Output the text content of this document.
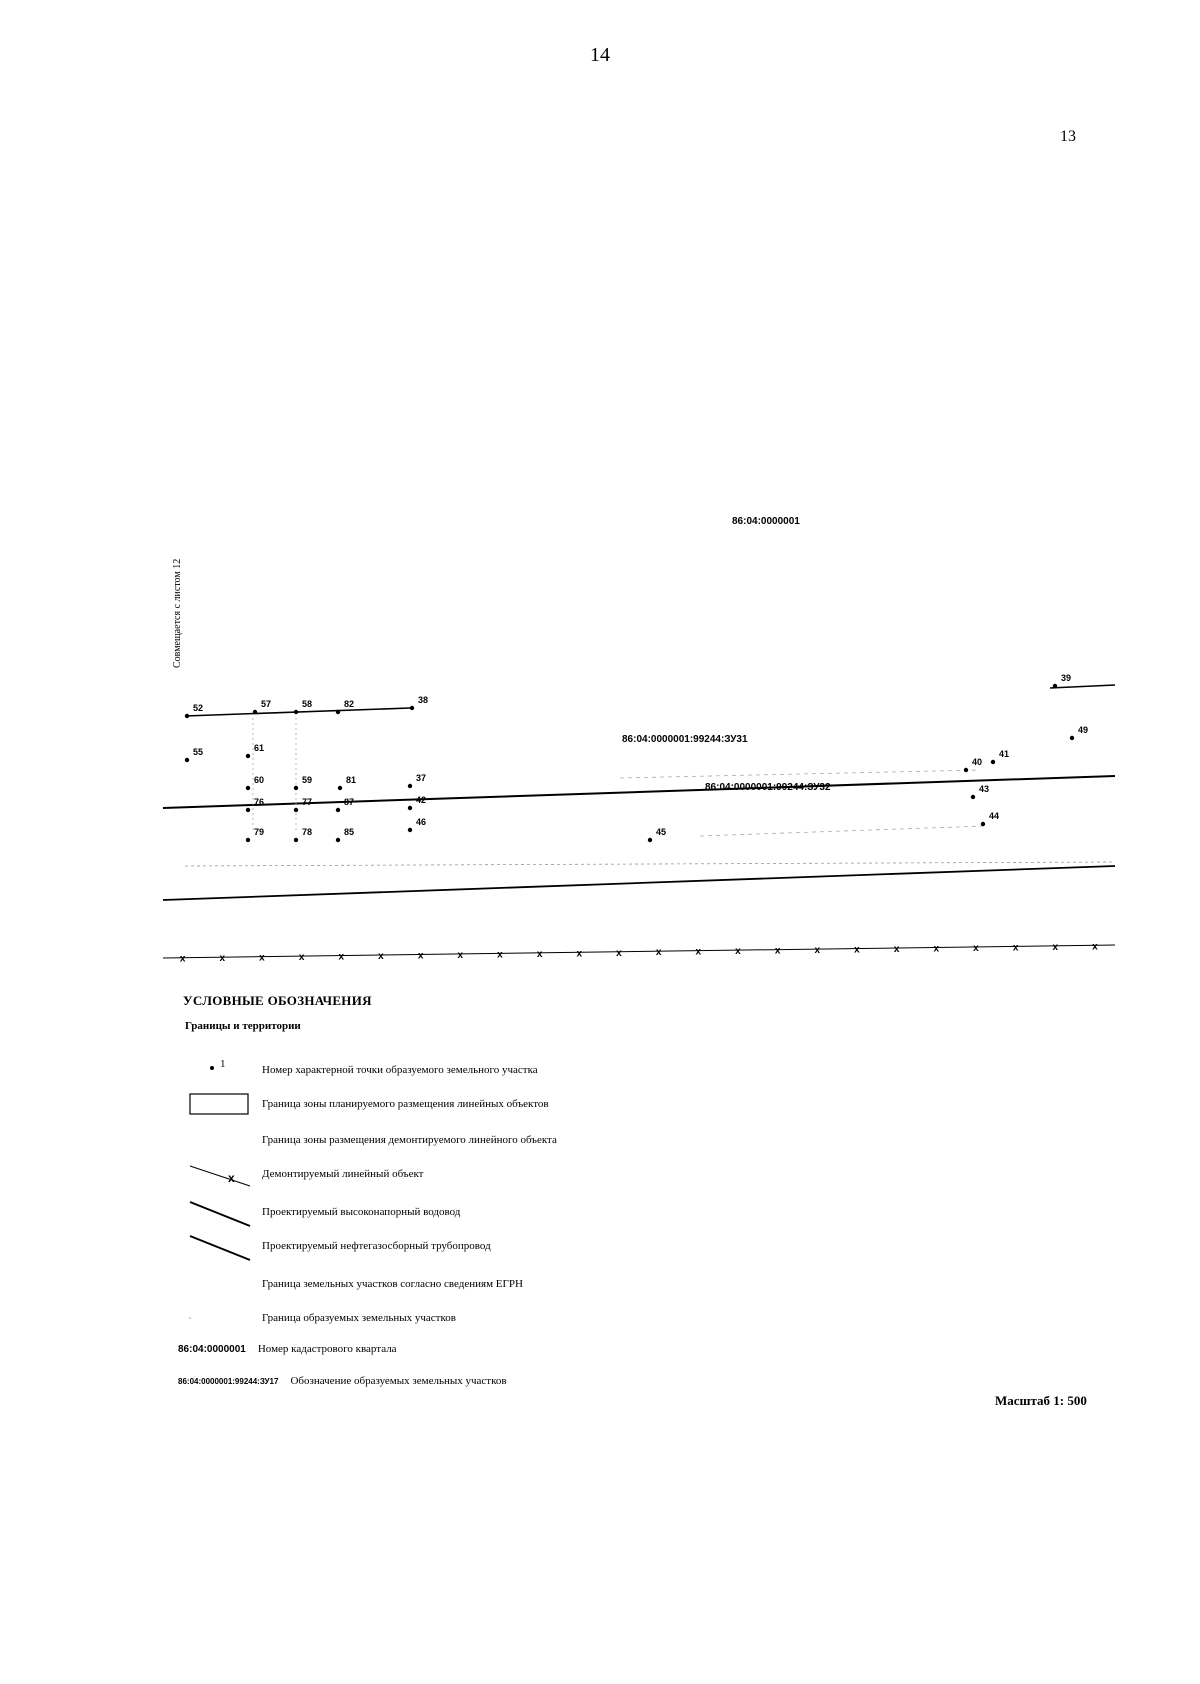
14
13
Совмещается с листом 12
x	x	x	x	x	x	x	x	x	x	x	x	x	x	x	x	x	x	x	x	x	x	x	x
52	57	58	82	38
55	61
60	59	81	37
76	77	87	42
79	78	85
46
45
39
40
41
49
43
44
86:04:0000001
86:04:0000001:99244:ЗУ31
86:04:0000001:99244:ЗУ32
УСЛОВНЫЕ ОБОЗНАЧЕНИЯ
Границы и территории
1	Номер характерной точки образуемого земельного участка
Граница зоны планируемого размещения линейных объектов
Граница зоны размещения демонтируемого линейного объекта
x Демонтируемый линейный объект
Проектируемый высоконапорный водовод
Проектируемый нефтегазосборный трубопровод
Граница земельных участков согласно сведениям ЕГРН
Граница образуемых земельных участков
86:04:0000001 Номер кадастрового квартала
86:04:0000001:99244:ЗУ17 Обозначение образуемых земельных участков
Масштаб 1: 500
